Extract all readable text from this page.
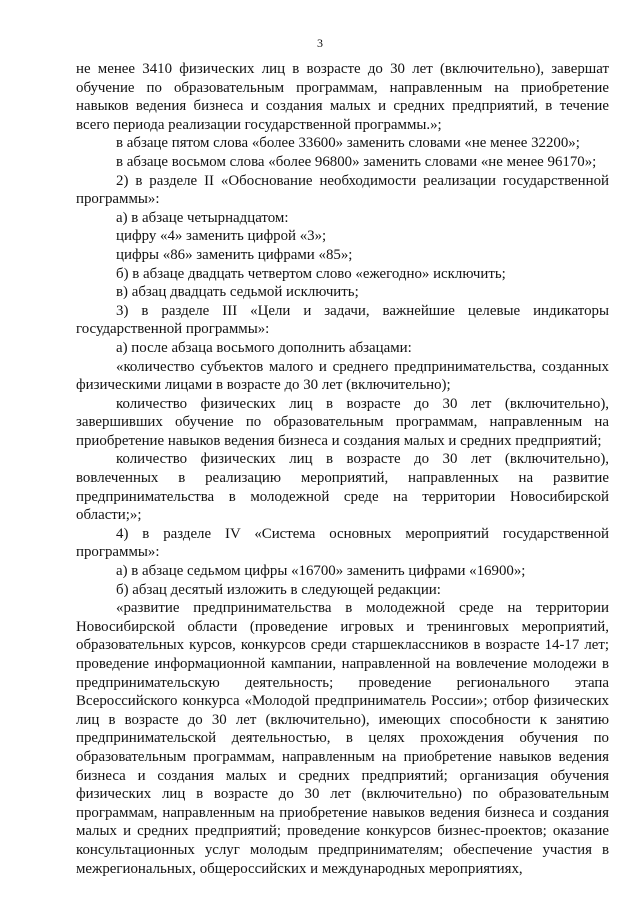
3

не менее 3410 физических лиц в возрасте до 30 лет (включительно), завершат обучение по образовательным программам, направленным на приобретение навыков ведения бизнеса и создания малых и средних предприятий, в течение всего периода реализации государственной программы.»;

в абзаце пятом слова «более 33600» заменить словами «не менее 32200»;

в абзаце восьмом слова «более 96800» заменить словами «не менее 96170»;

2) в разделе II «Обоснование необходимости реализации государственной программы»:

а) в абзаце четырнадцатом:

цифру «4» заменить цифрой «3»;

цифры «86» заменить цифрами «85»;

б) в абзаце двадцать четвертом слово «ежегодно» исключить;

в) абзац двадцать седьмой исключить;

3) в разделе III «Цели и задачи, важнейшие целевые индикаторы государственной программы»:

а) после абзаца восьмого дополнить абзацами:

«количество субъектов малого и среднего предпринимательства, созданных физическими лицами в возрасте до 30 лет (включительно);

количество физических лиц в возрасте до 30 лет (включительно), завершивших обучение по образовательным программам, направленным на приобретение навыков ведения бизнеса и создания малых и средних предприятий;

количество физических лиц в возрасте до 30 лет (включительно), вовлеченных в реализацию мероприятий, направленных на развитие предпринимательства в молодежной среде на территории Новосибирской области;»;

4) в разделе IV «Система основных мероприятий государственной программы»:

а) в абзаце седьмом цифры «16700» заменить цифрами «16900»;

б) абзац десятый изложить в следующей редакции:

«развитие предпринимательства в молодежной среде на территории Новосибирской области (проведение игровых и тренинговых мероприятий, образовательных курсов, конкурсов среди старшеклассников в возрасте 14-17 лет; проведение информационной кампании, направленной на вовлечение молодежи в предпринимательскую деятельность; проведение регионального этапа Всероссийского конкурса «Молодой предприниматель России»; отбор физических лиц в возрасте до 30 лет (включительно), имеющих способности к занятию предпринимательской деятельностью, в целях прохождения обучения по образовательным программам, направленным на приобретение навыков ведения бизнеса и создания малых и средних предприятий; организация обучения физических лиц в возрасте до 30 лет (включительно) по образовательным программам, направленным на приобретение навыков ведения бизнеса и создания малых и средних предприятий; проведение конкурсов бизнес-проектов; оказание консультационных услуг молодым предпринимателям; обеспечение участия в межрегиональных, общероссийских и международных мероприятиях,
